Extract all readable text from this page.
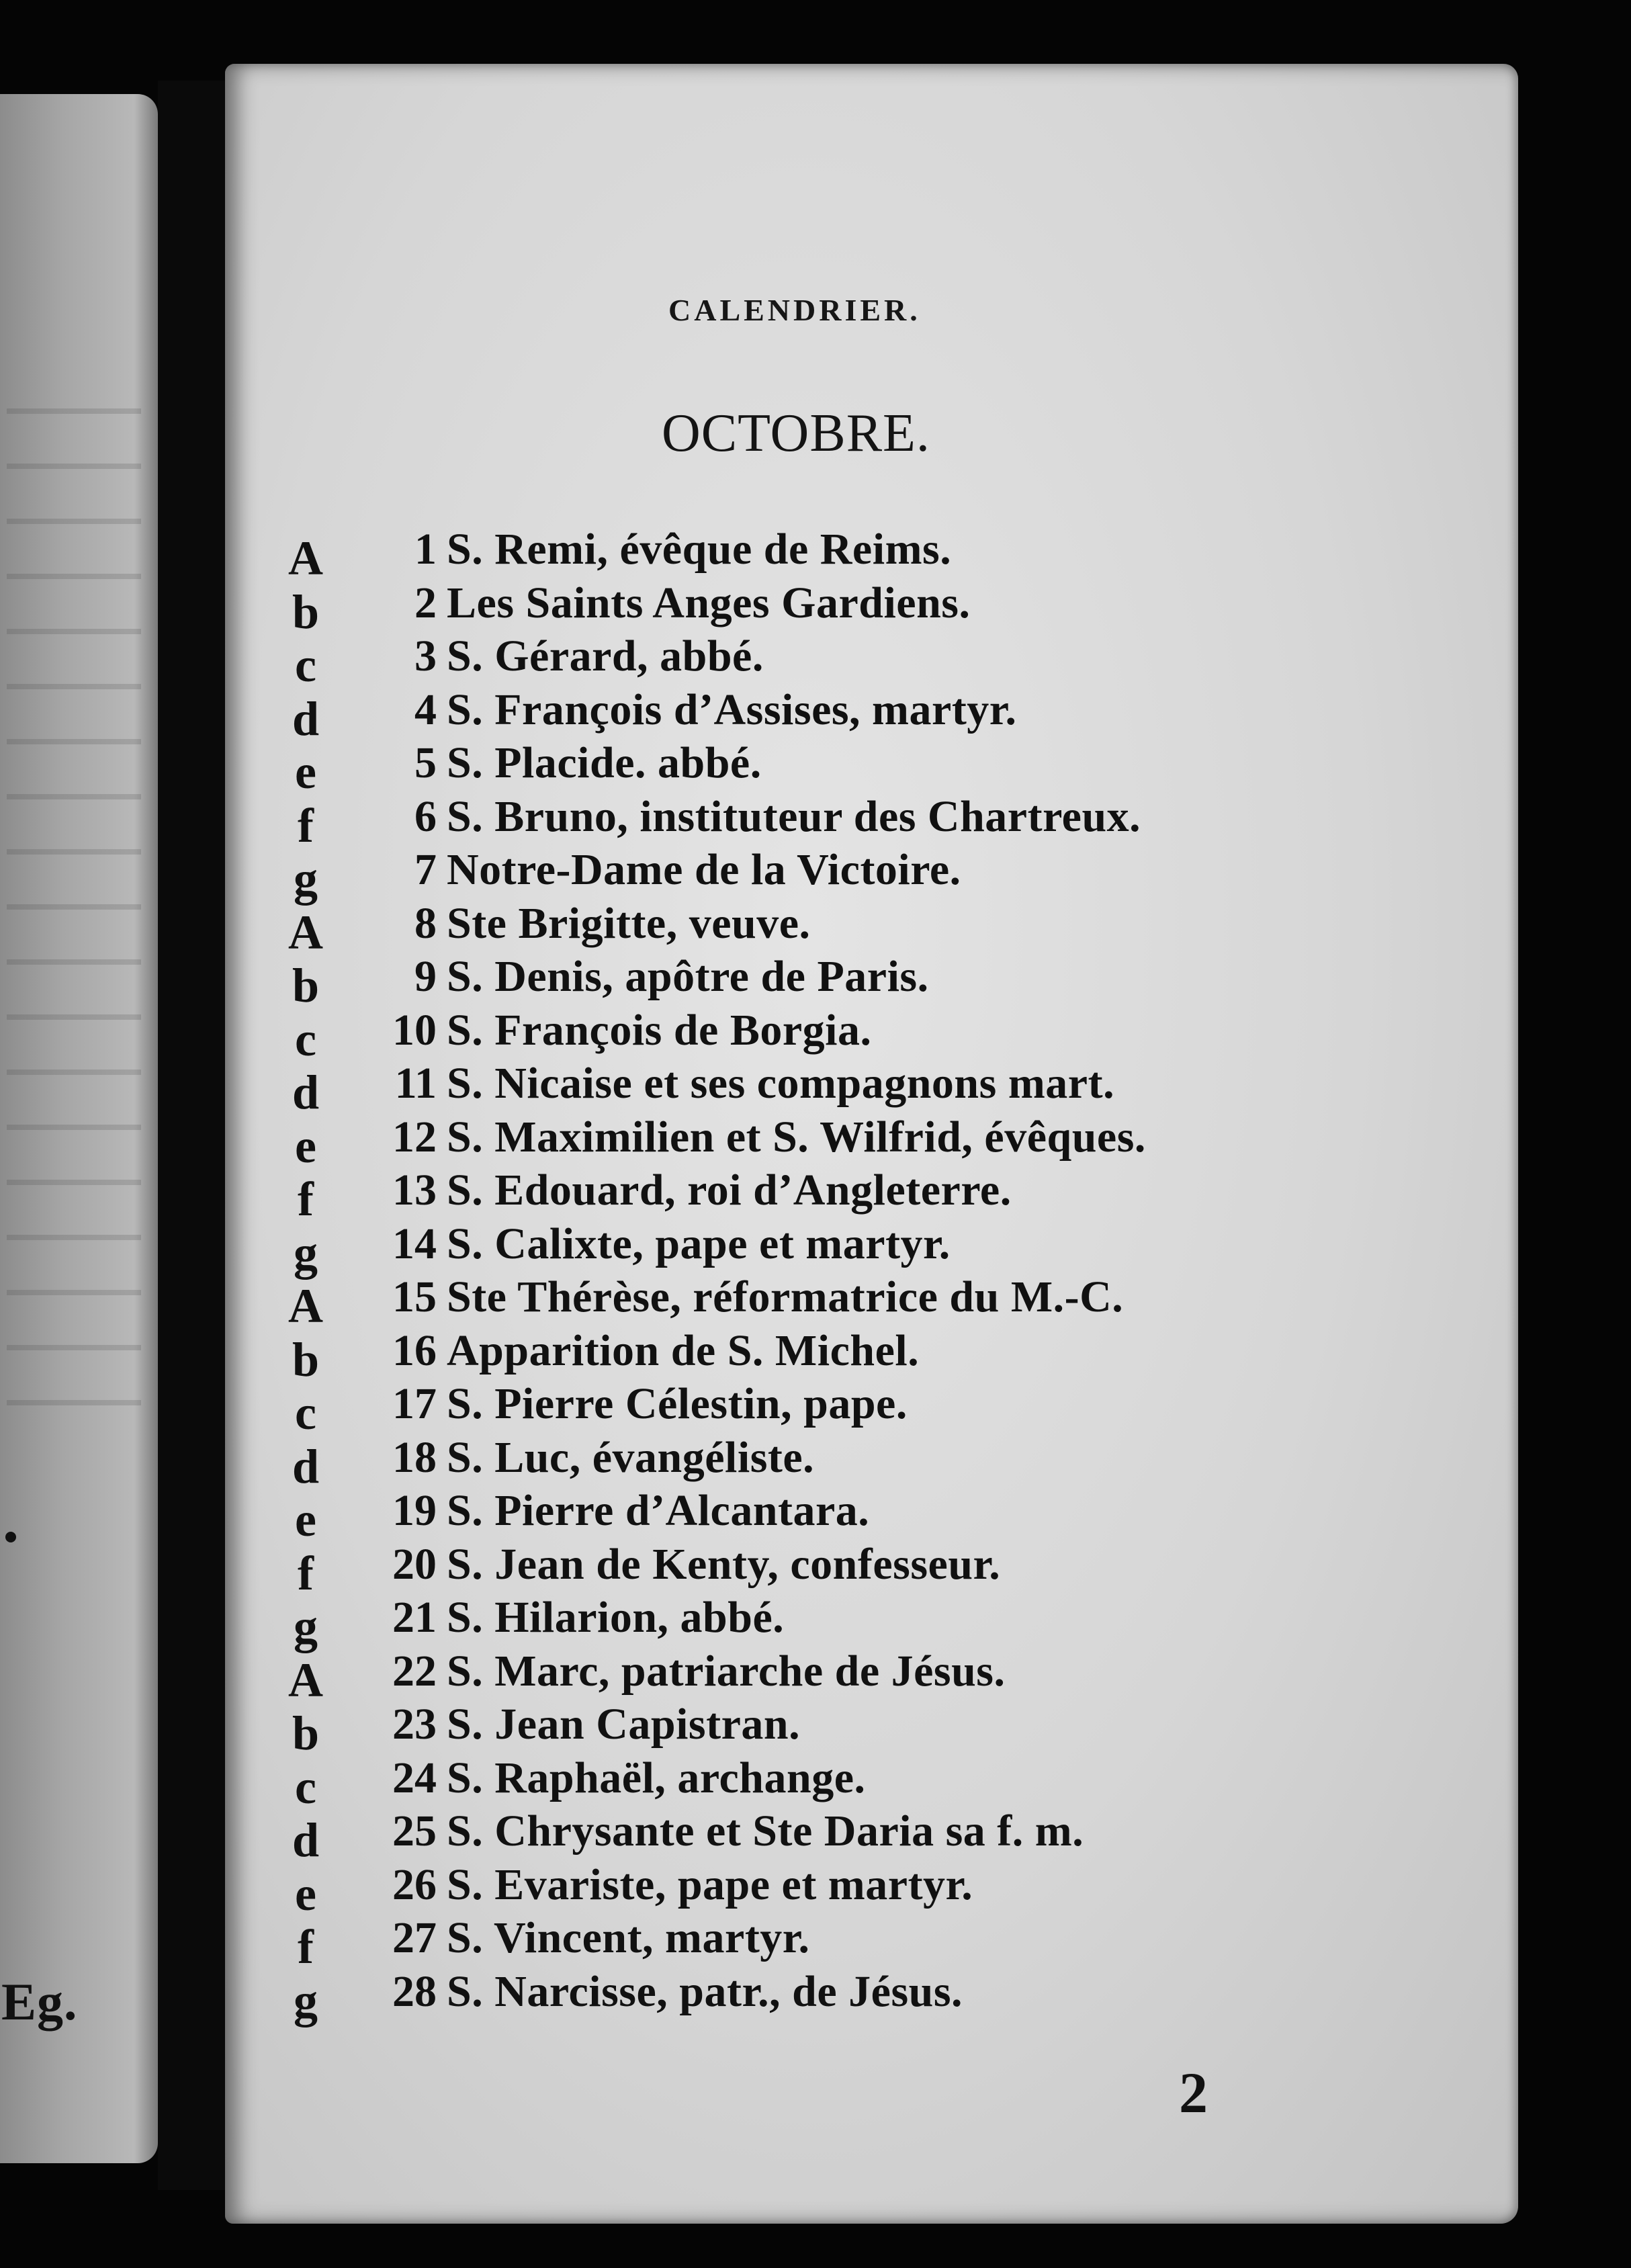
Eg.
CALENDRIER.
OCTOBRE.
A	1 S. Remi, évêque de Reims.
b	2 Les Saints Anges Gardiens.
c	3 S. Gérard, abbé.
d	4 S. François d’Assises, martyr.
e	5 S. Placide. abbé.
f	6 S. Bruno, instituteur des Chartreux.
g	7 Notre-Dame de la Victoire.
A	8 Ste Brigitte, veuve.
b	9 S. Denis, apôtre de Paris.
c	10 S. François de Borgia.
d	11 S. Nicaise et ses compagnons mart.
e	12 S. Maximilien et S. Wilfrid, évêques.
f	13 S. Edouard, roi d’Angleterre.
g	14 S. Calixte, pape et martyr.
A	15 Ste Thérèse, réformatrice du M.-C.
b	16 Apparition de S. Michel.
c	17 S. Pierre Célestin, pape.
d	18 S. Luc, évangéliste.
e	19 S. Pierre d’Alcantara.
f	20 S. Jean de Kenty, confesseur.
g	21 S. Hilarion, abbé.
A	22 S. Marc, patriarche de Jésus.
b	23 S. Jean Capistran.
c	24 S. Raphaël, archange.
d	25 S. Chrysante et Ste Daria sa f. m.
e	26 S. Evariste, pape et martyr.
f	27 S. Vincent, martyr.
g	28 S. Narcisse, patr., de Jésus.
2
